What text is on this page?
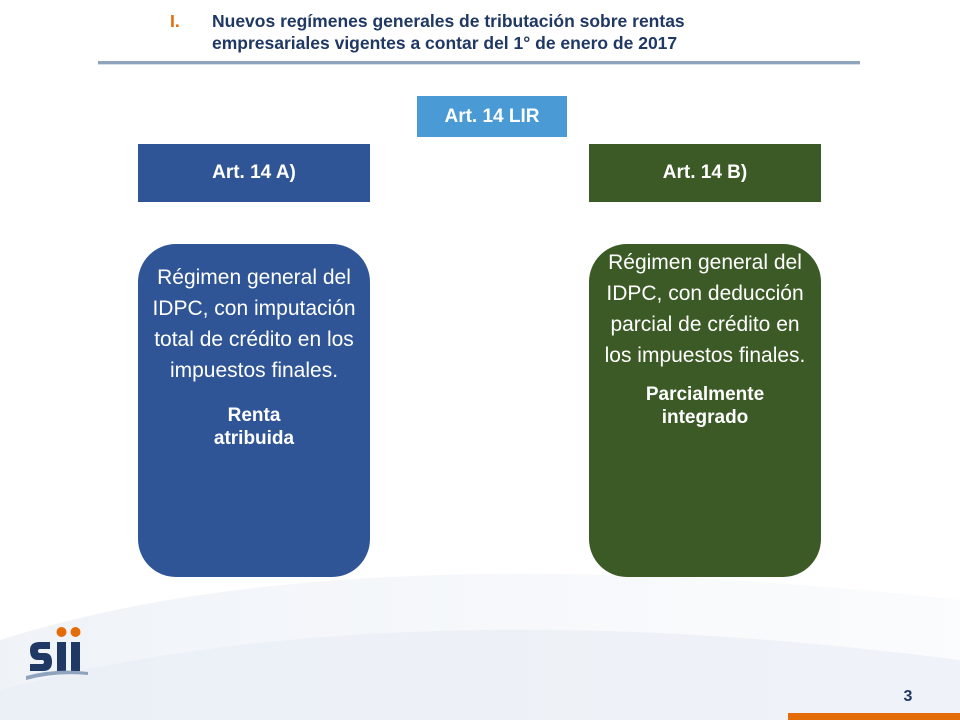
I.	Nuevos regímenes generales de tributación sobre rentas
empresariales vigentes a contar del 1° de enero de 2017
Art. 14 LIR
Art. 14 A)	Art. 14 B)
Régimen general del IDPC, con imputación total de crédito en los impuestos finales.
Renta
atribuida
Régimen general del IDPC, con deducción parcial de crédito en los impuestos finales.
Parcialmente
integrado
3
